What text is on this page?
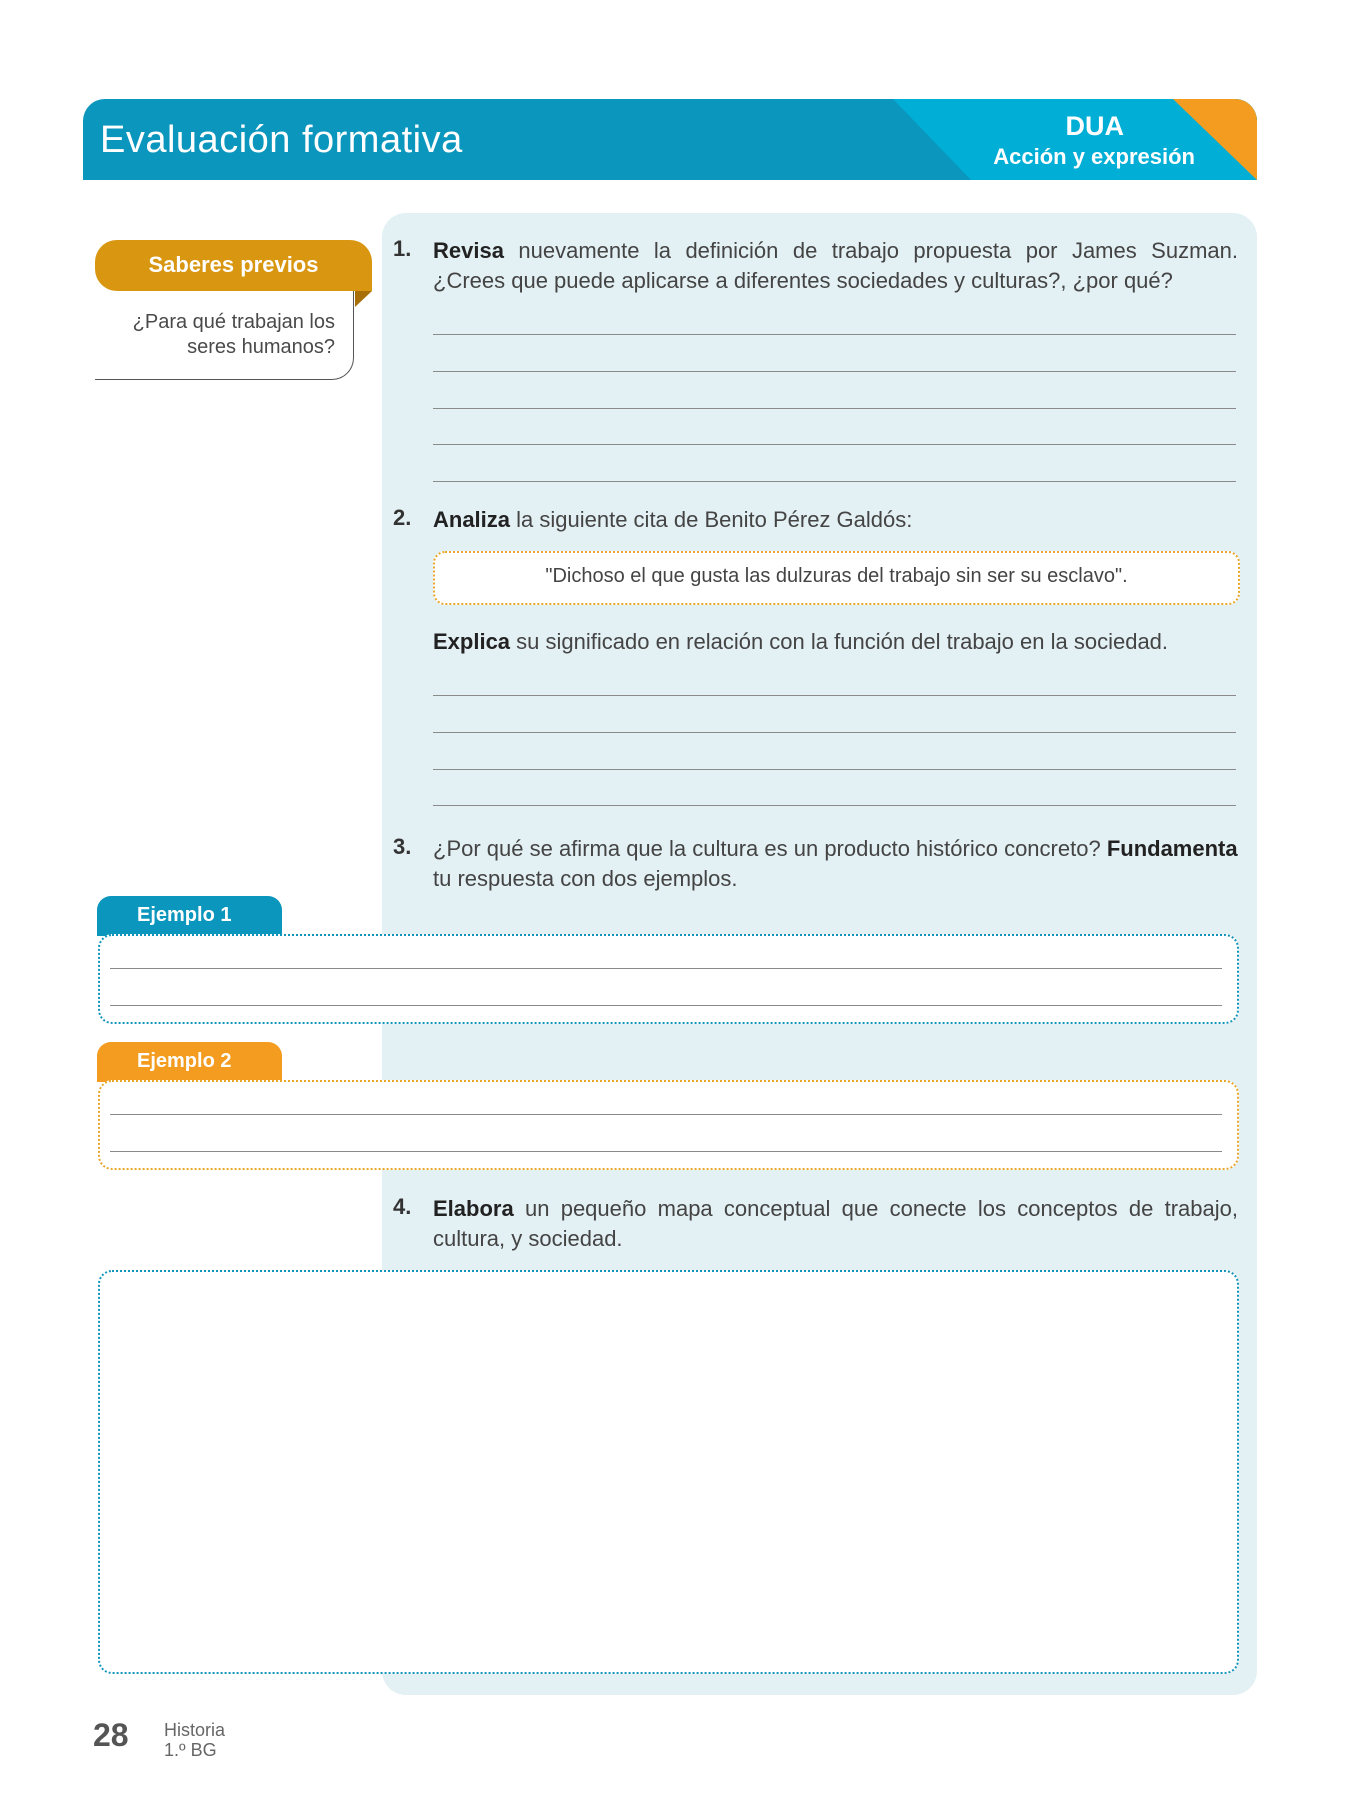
Evaluación formativa	DUA
Acción y expresión
Saberes previos
¿Para qué trabajan los seres humanos?
1. Revisa nuevamente la definición de trabajo propuesta por James Suzman. ¿Crees que puede aplicarse a diferentes sociedades y culturas?, ¿por qué?
2. Analiza la siguiente cita de Benito Pérez Galdós:
"Dichoso el que gusta las dulzuras del trabajo sin ser su esclavo".
Explica su significado en relación con la función del trabajo en la sociedad.
3. ¿Por qué se afirma que la cultura es un producto histórico concreto? Fundamenta tu respuesta con dos ejemplos.
Ejemplo 1
Ejemplo 2
4. Elabora un pequeño mapa conceptual que conecte los conceptos de trabajo, cultura, y sociedad.
28 Historia
1.º BG
